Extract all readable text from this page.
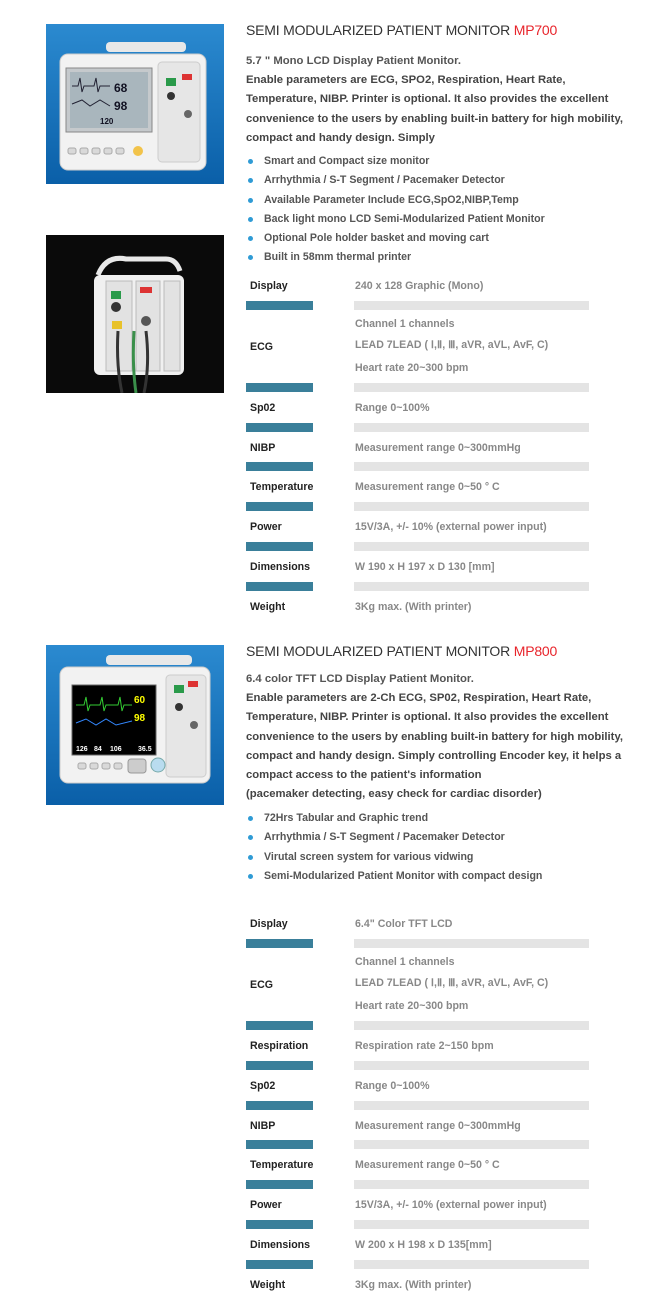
68
98
120
SEMI MODULARIZED PATIENT MONITOR MP700
5.7 " Mono LCD Display Patient Monitor.
Enable parameters are ECG, SPO2, Respiration, Heart Rate,
Temperature, NIBP. Printer is optional. It also provides the excellent
convenience to the users by enabling built-in battery for high mobility,
compact and handy design. Simply
Smart and Compact size monitor
Arrhythmia / S-T Segment / Pacemaker Detector
Available Parameter Include ECG,SpO2,NIBP,Temp
Back light mono LCD Semi-Modularized Patient Monitor
Optional Pole holder basket and moving cart
Built in 58mm thermal printer
Display	240 x 128 Graphic (Mono)
ECG
Channel 1 channels
LEAD 7LEAD ( Ⅰ,Ⅱ, Ⅲ, aVR, aVL, AvF, C)
Heart rate 20~300 bpm
Sp02	Range 0~100%
NIBP	Measurement range 0~300mmHg
Temperature	Measurement range 0~50 ° C
Power	15V/3A, +/- 10% (external power input)
Dimensions	W 190 x H 197 x D 130 [mm]
Weight	3Kg max. (With printer)
60
98
126 84 106 36.5
SEMI MODULARIZED PATIENT MONITOR MP800
6.4 color TFT LCD Display Patient Monitor.
Enable parameters are 2-Ch ECG, SP02, Respiration, Heart Rate,
Temperature, NIBP. Printer is optional. It also provides the excellent
convenience to the users by enabling built-in battery for high mobility,
compact and handy design. Simply controlling Encoder key, it helps a
compact access to the patient's information
(pacemaker detecting, easy check for cardiac disorder)
72Hrs Tabular and Graphic trend
Arrhythmia / S-T Segment / Pacemaker Detector
Virutal screen system for various vidwing
Semi-Modularized Patient Monitor with compact design
Display	6.4" Color TFT LCD
ECG
Channel 1 channels
LEAD 7LEAD ( Ⅰ,Ⅱ, Ⅲ, aVR, aVL, AvF, C)
Heart rate 20~300 bpm
Respiration	Respiration rate 2~150 bpm
Sp02	Range 0~100%
NIBP	Measurement range 0~300mmHg
Temperature	Measurement range 0~50 ° C
Power	15V/3A, +/- 10% (external power input)
Dimensions	W 200 x H 198 x D 135[mm]
Weight	3Kg max. (With printer)
